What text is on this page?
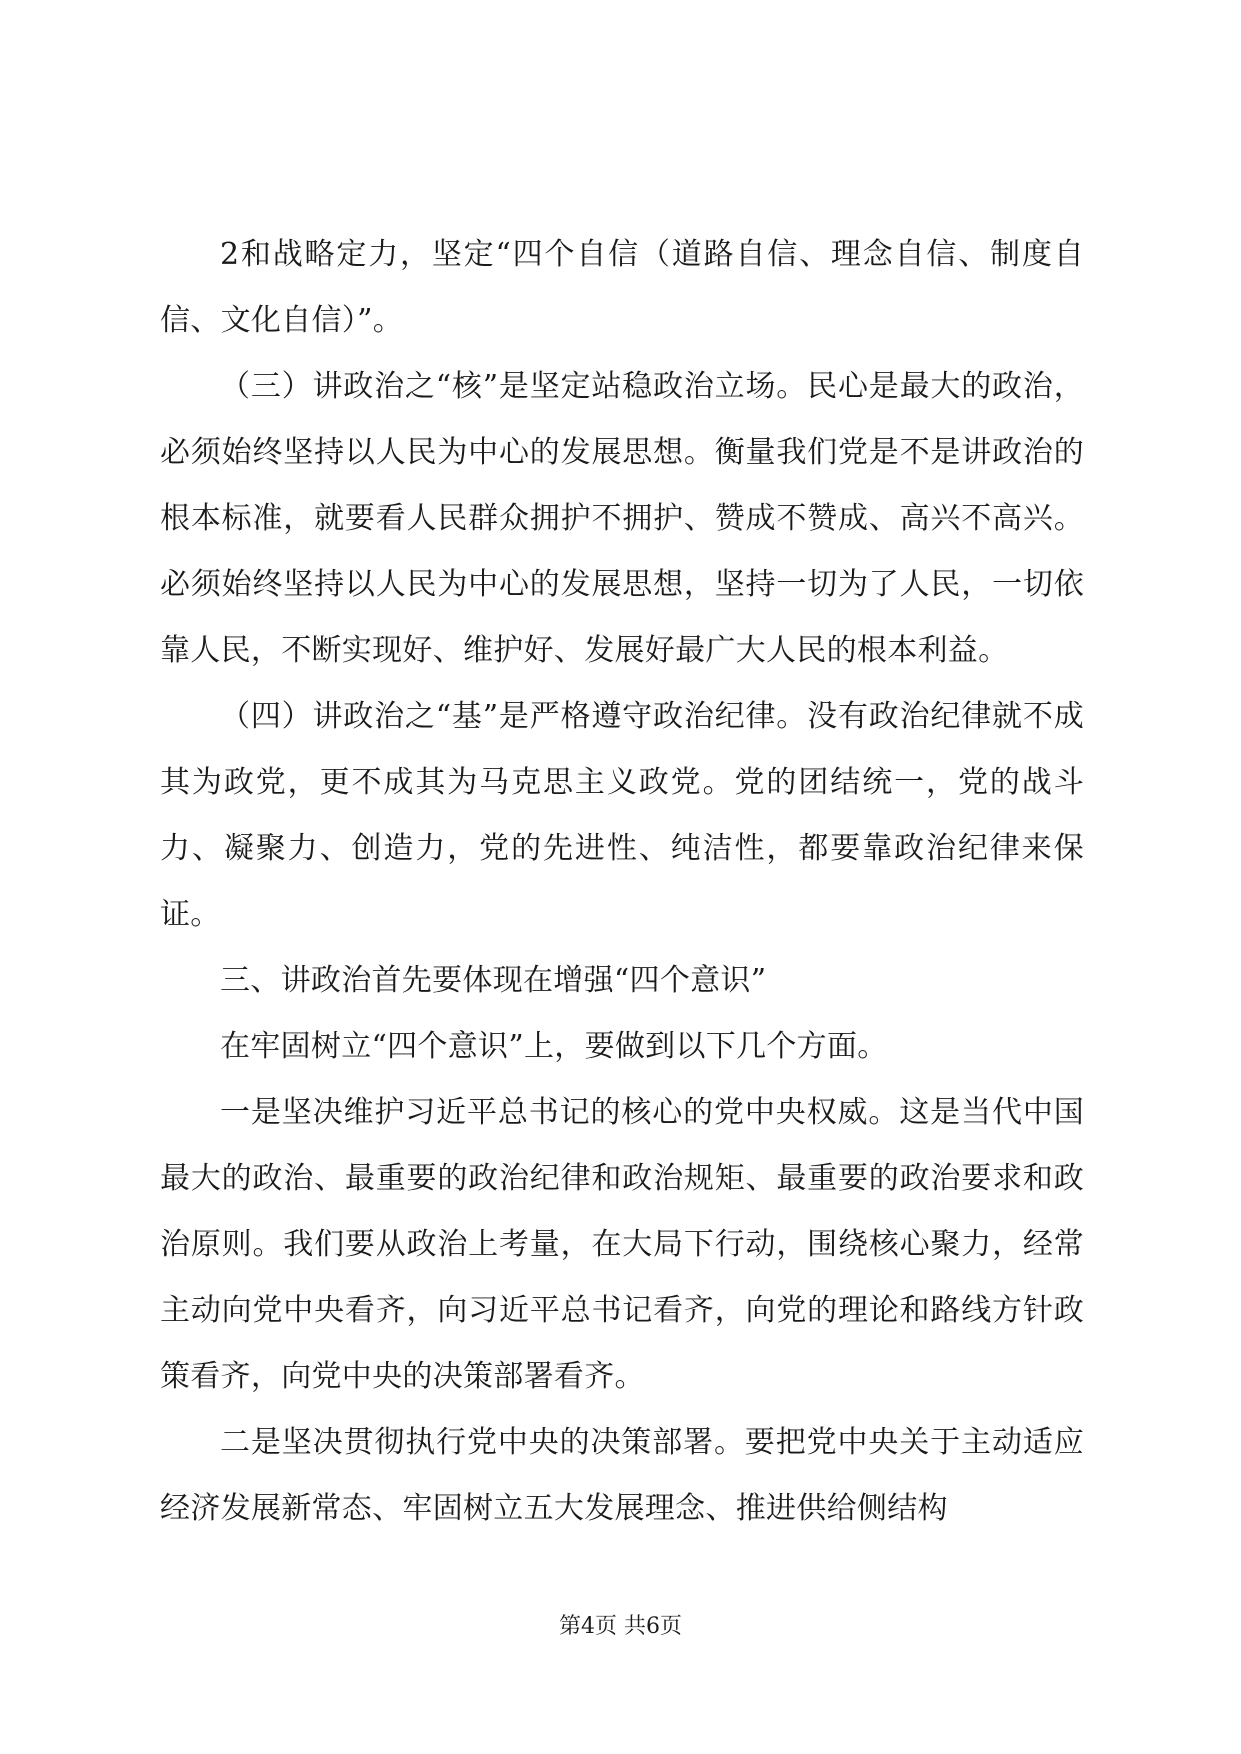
2和战略定力，坚定“四个自信（道路自信、理念自信、制度自信、文化自信）”。

（三）讲政治之“核”是坚定站稳政治立场。民心是最大的政治，必须始终坚持以人民为中心的发展思想。衡量我们党是不是讲政治的根本标准，就要看人民群众拥护不拥护、赞成不赞成、高兴不高兴。必须始终坚持以人民为中心的发展思想，坚持一切为了人民，一切依靠人民，不断实现好、维护好、发展好最广大人民的根本利益。

（四）讲政治之“基”是严格遵守政治纪律。没有政治纪律就不成其为政党，更不成其为马克思主义政党。党的团结统一，党的战斗力、凝聚力、创造力，党的先进性、纯洁性，都要靠政治纪律来保证。

三、讲政治首先要体现在增强“四个意识”

在牢固树立“四个意识”上，要做到以下几个方面。

一是坚决维护习近平总书记的核心的党中央权威。这是当代中国最大的政治、最重要的政治纪律和政治规矩、最重要的政治要求和政治原则。我们要从政治上考量，在大局下行动，围绕核心聚力，经常主动向党中央看齐，向习近平总书记看齐，向党的理论和路线方针政策看齐，向党中央的决策部署看齐。

二是坚决贯彻执行党中央的决策部署。要把党中央关于主动适应经济发展新常态、牢固树立五大发展理念、推进供给侧结构

第4页 共6页
